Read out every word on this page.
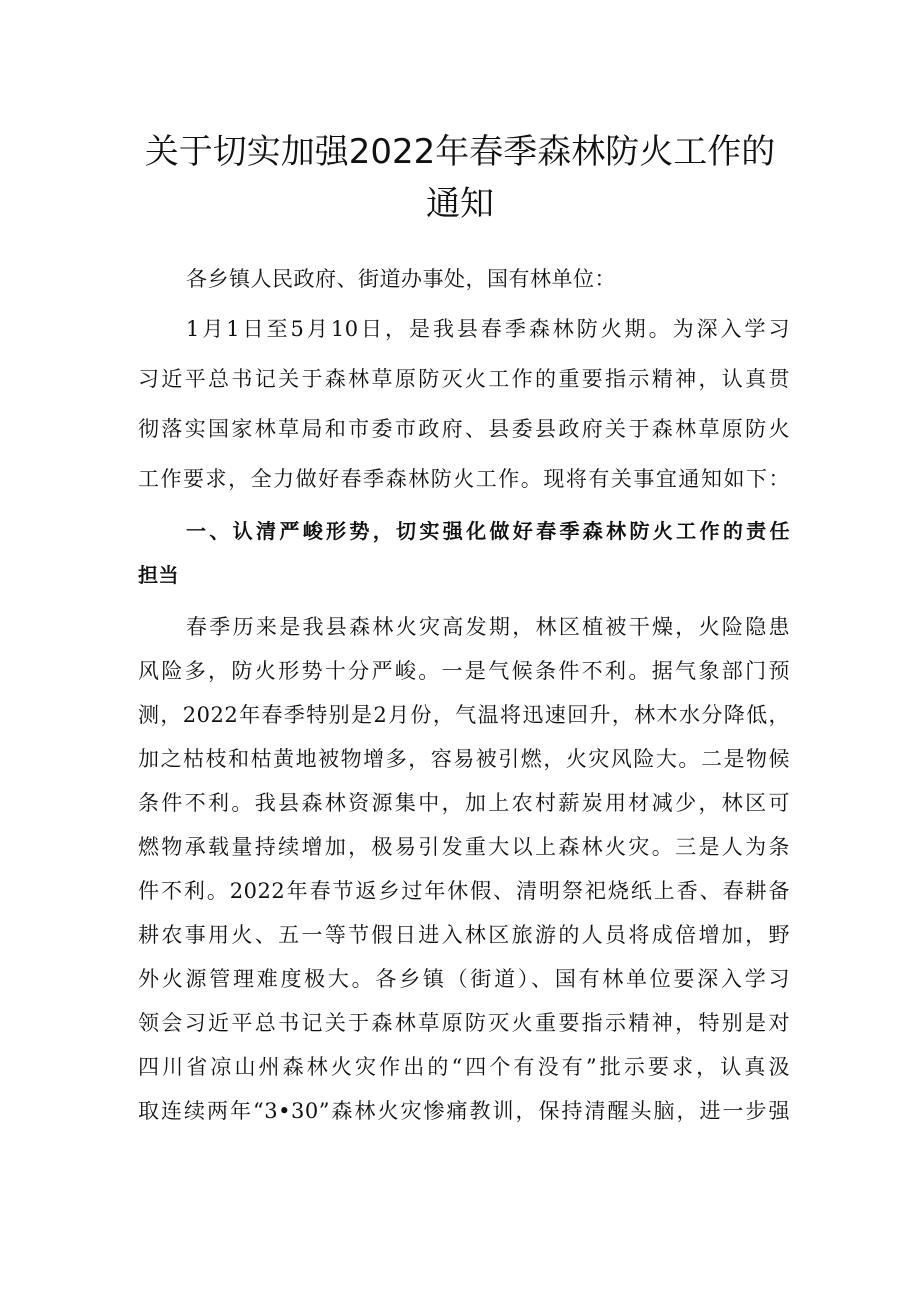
关于切实加强2022年春季森林防火工作的
通知
各乡镇人民政府、街道办事处，国有林单位：
1月1日至5月10日，是我县春季森林防火期。为深入学习
习近平总书记关于森林草原防灭火工作的重要指示精神，认真贯
彻落实国家林草局和市委市政府、县委县政府关于森林草原防火
工作要求，全力做好春季森林防火工作。现将有关事宜通知如下：
一、认清严峻形势，切实强化做好春季森林防火工作的责任
担当
春季历来是我县森林火灾高发期，林区植被干燥，火险隐患
风险多，防火形势十分严峻。一是气候条件不利。据气象部门预
测，2022年春季特别是2月份，气温将迅速回升，林木水分降低，
加之枯枝和枯黄地被物增多，容易被引燃，火灾风险大。二是物候
条件不利。我县森林资源集中，加上农村薪炭用材减少，林区可
燃物承载量持续增加，极易引发重大以上森林火灾。三是人为条
件不利。2022年春节返乡过年休假、清明祭祀烧纸上香、春耕备
耕农事用火、五一等节假日进入林区旅游的人员将成倍增加，野
外火源管理难度极大。各乡镇（街道）、国有林单位要深入学习
领会习近平总书记关于森林草原防灭火重要指示精神，特别是对
四川省凉山州森林火灾作出的“四个有没有”批示要求，认真汲
取连续两年“3•30”森林火灾惨痛教训，保持清醒头脑，进一步强
